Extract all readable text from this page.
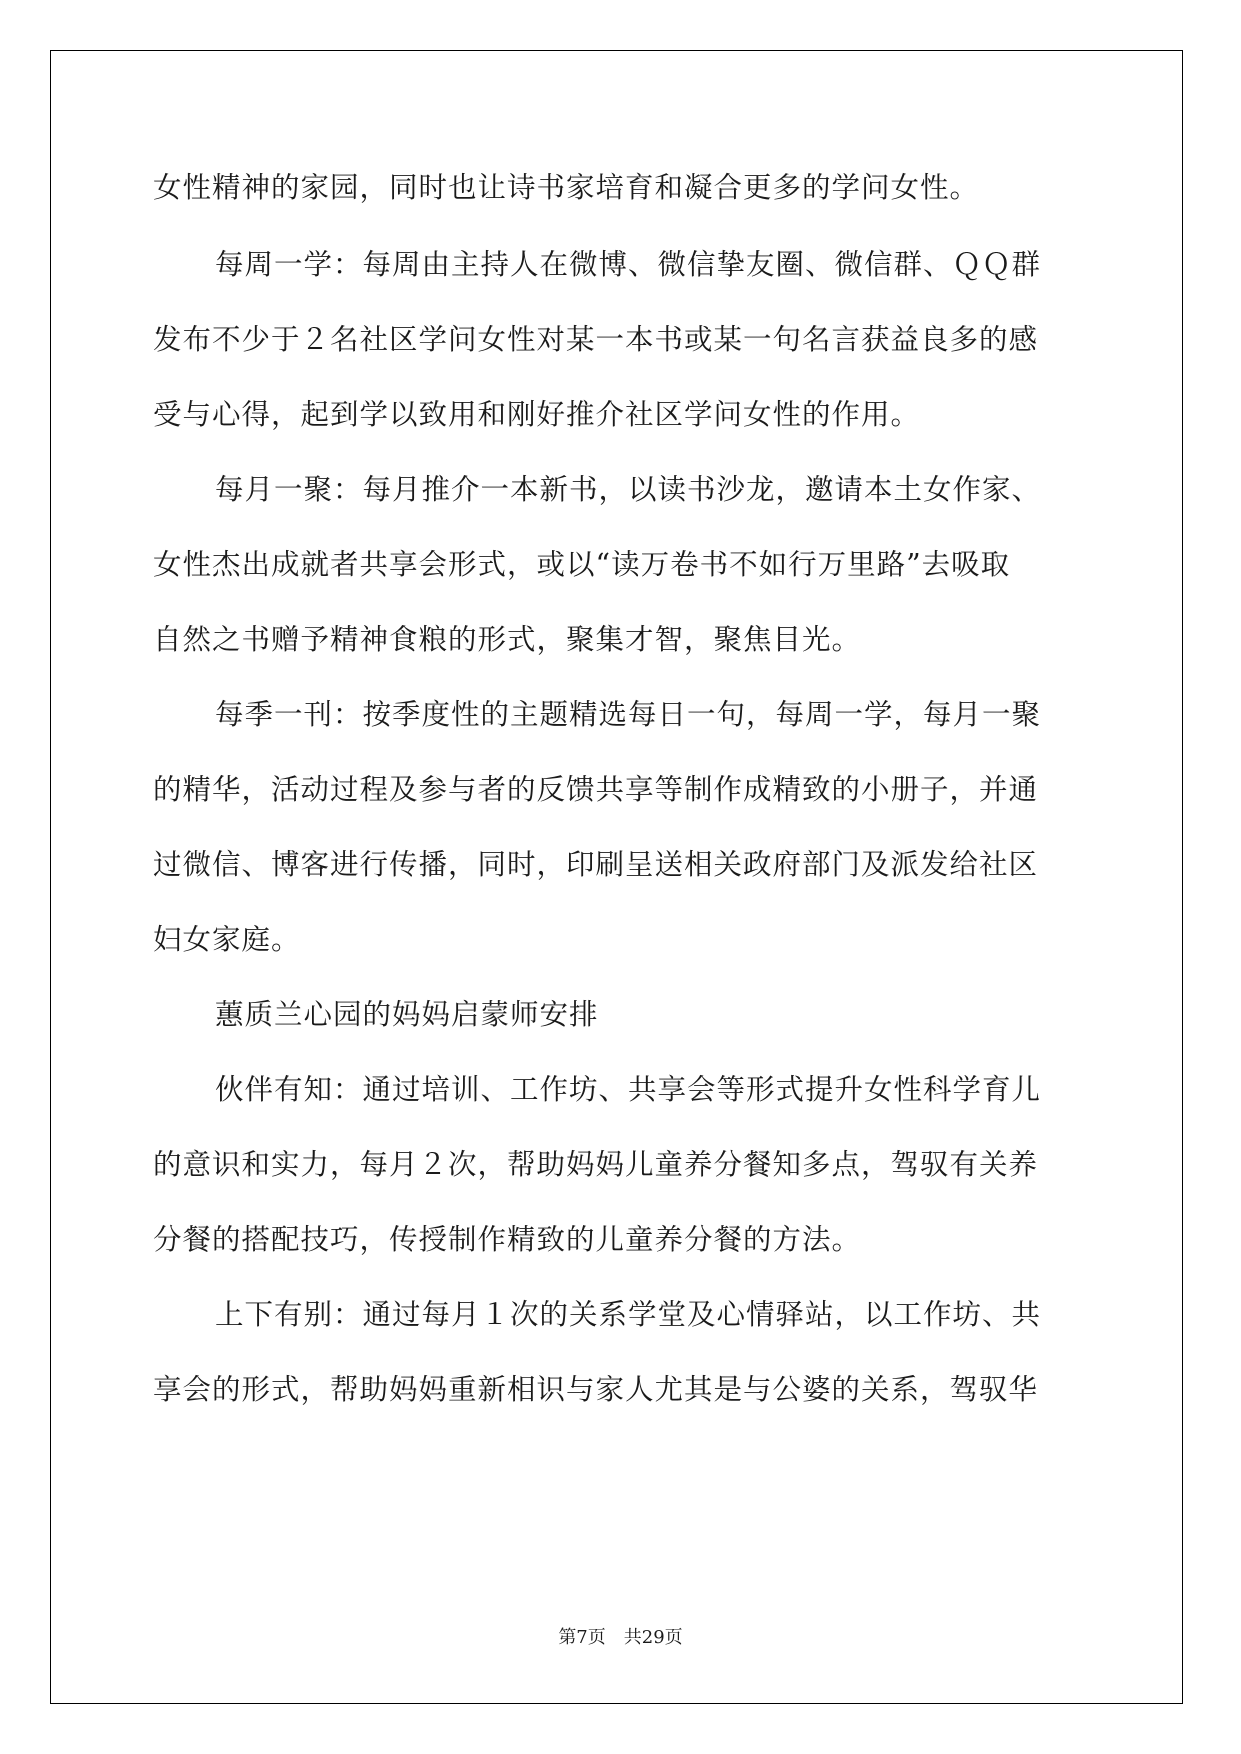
女性精神的家园，同时也让诗书家培育和凝合更多的学问女性。
每周一学：每周由主持人在微博、微信挚友圈、微信群、ＱＱ群
发布不少于２名社区学问女性对某一本书或某一句名言获益良多的感
受与心得，起到学以致用和刚好推介社区学问女性的作用。
每月一聚：每月推介一本新书，以读书沙龙，邀请本土女作家、
女性杰出成就者共享会形式，或以“读万卷书不如行万里路”去吸取
自然之书赠予精神食粮的形式，聚集才智，聚焦目光。
每季一刊：按季度性的主题精选每日一句，每周一学，每月一聚
的精华，活动过程及参与者的反馈共享等制作成精致的小册子，并通
过微信、博客进行传播，同时，印刷呈送相关政府部门及派发给社区
妇女家庭。
蕙质兰心园的妈妈启蒙师安排
伙伴有知：通过培训、工作坊、共享会等形式提升女性科学育儿
的意识和实力，每月２次，帮助妈妈儿童养分餐知多点，驾驭有关养
分餐的搭配技巧，传授制作精致的儿童养分餐的方法。
上下有别：通过每月１次的关系学堂及心情驿站，以工作坊、共
享会的形式，帮助妈妈重新相识与家人尤其是与公婆的关系，驾驭华
第7页　共29页
